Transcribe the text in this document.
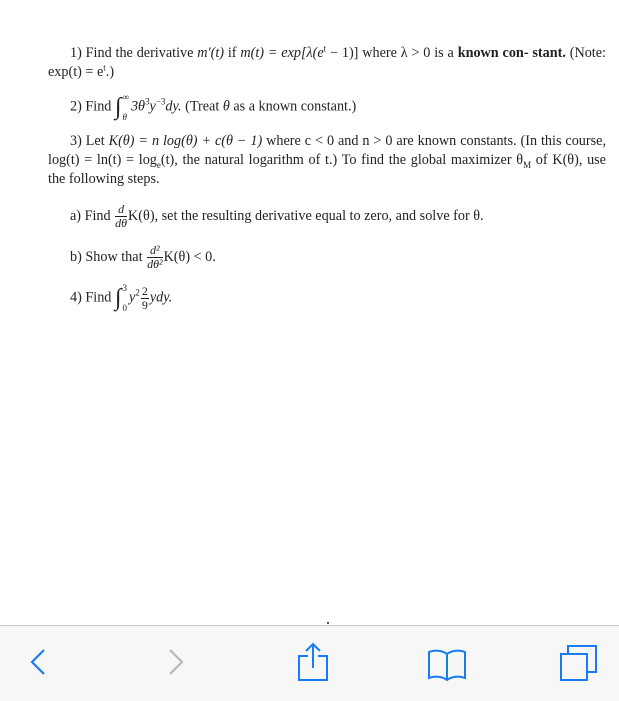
1) Find the derivative m′(t) if $m(t) = \exp[\lambda(e^t - 1)]$ where λ > 0 is a known con- stant. (Note: $\exp(t) = e^t$.)

2) Find ∫ ∞
θ
$3\theta^3y^{-3}dy$. (Treat θ as a known constant.)

3) Let K(θ) = n log(θ) + c(θ − 1) where c < 0 and n > 0 are known constants. (In this course, $\log(t) = \ln(t) = \log_e(t)$, the natural logarithm of t.) To find the global maximizer $\theta_M$ of K(θ), use the following steps.

a) Find $\frac{d}{d\theta} K(\theta)$, set the resulting derivative equal to zero, and solve for θ.

b) Show that $\frac{\text{d²}}{\text{dθ²}} K(\theta) < 0$.

4) Find ∫ 3
0
$y^2 \frac{2}{9}$ ydy.
